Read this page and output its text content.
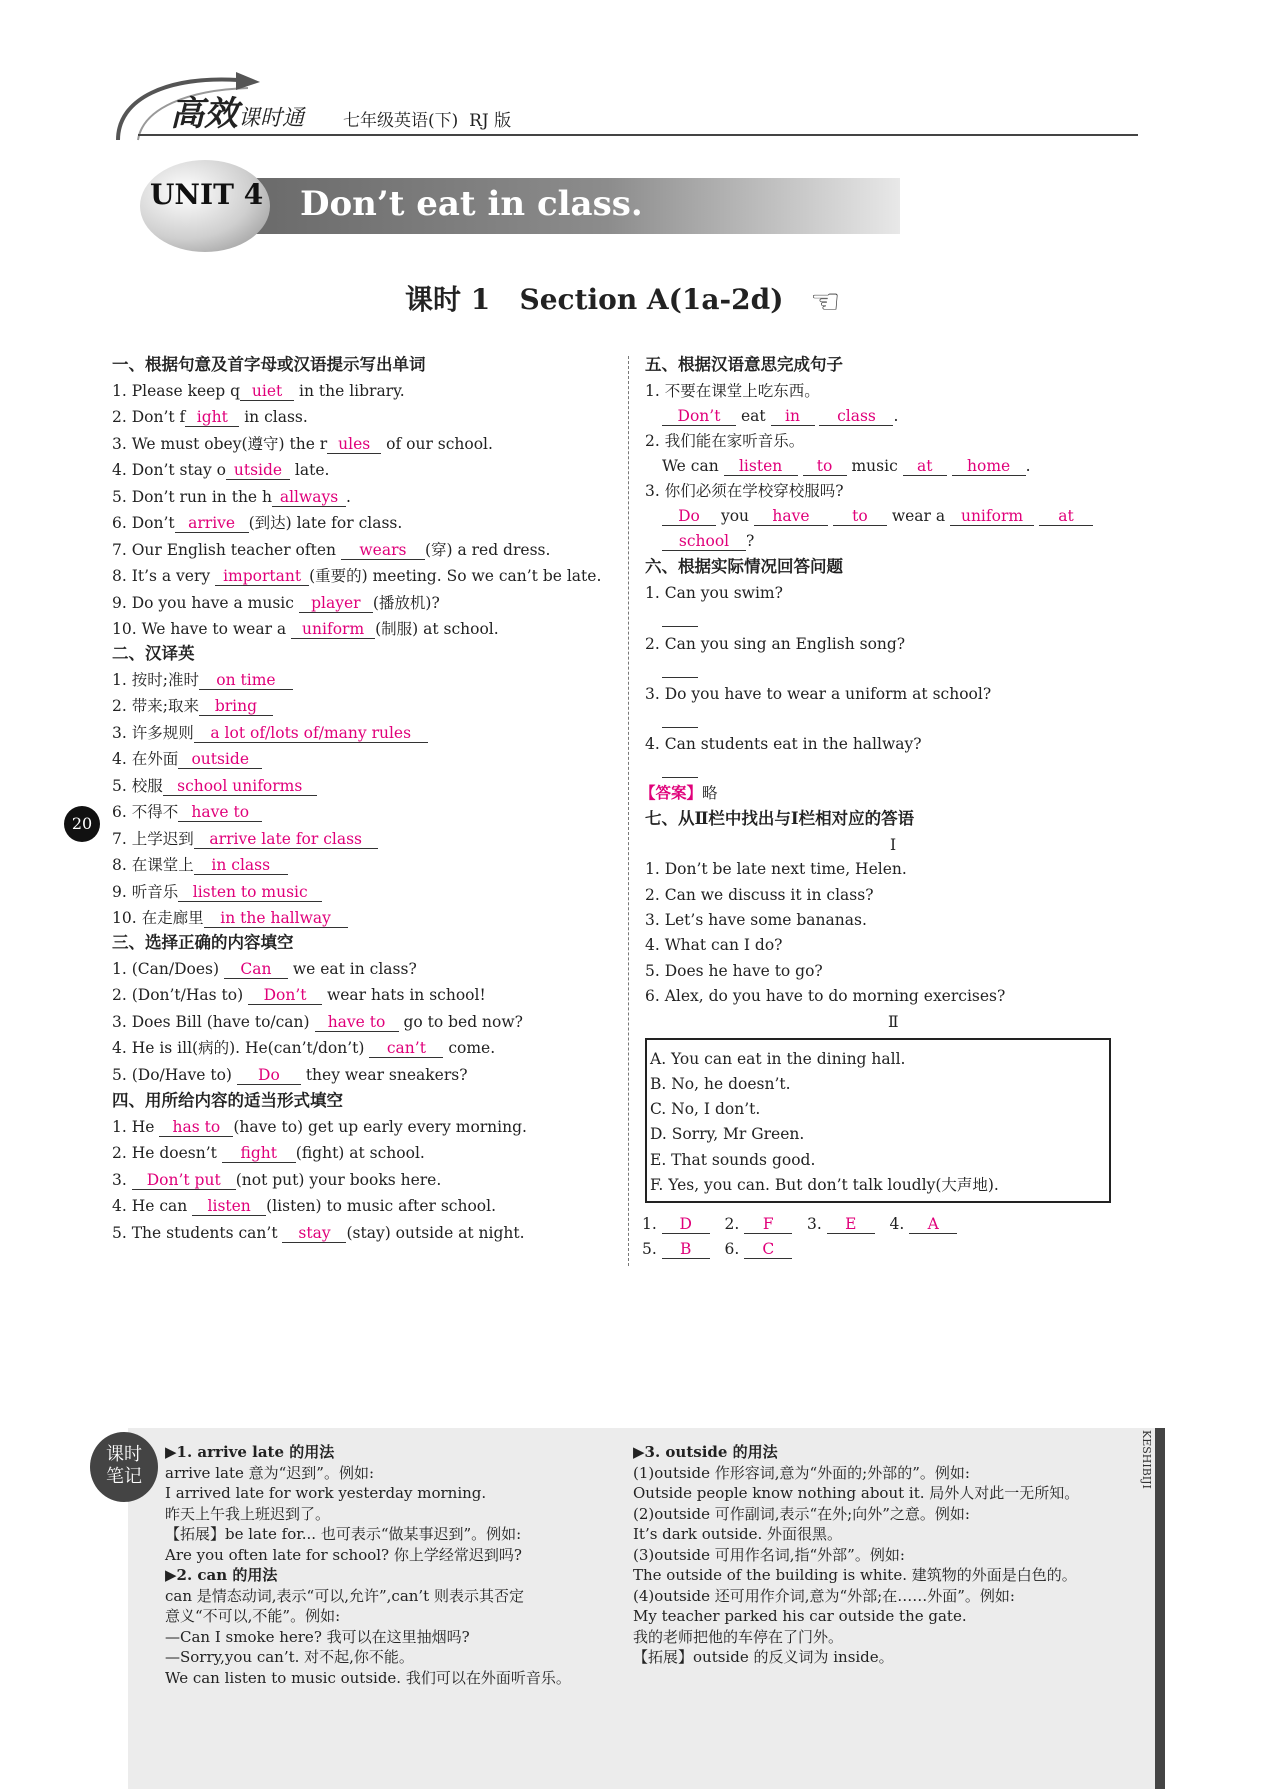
高效课时通 七年级英语(下) RJ 版
UNIT 4 Don’t eat in class.
课时 1 Section A(1a-2d) ☜
20
一、根据句意及首字母或汉语提示写出单词
1. Please keep q uiet in the library.
2. Don’t f ight in class.
3. We must obey(遵守) the r ules of our school.
4. Don’t stay o utside late.
5. Don’t run in the h allways .
6. Don’t arrive (到达) late for class.
7. Our English teacher often wears (穿) a red dress.
8. It’s a very important (重要的) meeting. So we can’t be late.
9. Do you have a music player (播放机)?
10. We have to wear a uniform (制服) at school.
二、汉译英
1. 按时;准时 on time
2. 带来;取来 bring
3. 许多规则 a lot of/lots of/many rules
4. 在外面 outside
5. 校服 school uniforms
6. 不得不 have to
7. 上学迟到 arrive late for class
8. 在课堂上 in class
9. 听音乐 listen to music
10. 在走廊里 in the hallway
三、选择正确的内容填空
1. (Can/Does) Can we eat in class?
2. (Don’t/Has to) Don’t wear hats in school!
3. Does Bill (have to/can) have to go to bed now?
4. He is ill(病的). He(can’t/don’t) can’t come.
5. (Do/Have to) Do they wear sneakers?
四、用所给内容的适当形式填空
1. He has to (have to) get up early every morning.
2. He doesn’t fight (fight) at school.
3. Don’t put (not put) your books here.
4. He can listen (listen) to music after school.
5. The students can’t stay (stay) outside at night.
五、根据汉语意思完成句子
1. 不要在课堂上吃东西。
Don’t eat in class .
2. 我们能在家听音乐。
We can listen to music at home .
3. 你们必须在学校穿校服吗?
Do you have	to wear a uniform at
school ?
六、根据实际情况回答问题
1. Can you swim?
2. Can you sing an English song?
3. Do you have to wear a uniform at school?
4. Can students eat in the hallway?
【答案】略
七、从Ⅱ栏中找出与Ⅰ栏相对应的答语
Ⅰ
1. Don’t be late next time, Helen.
2. Can we discuss it in class?
3. Let’s have some bananas.
4. What can I do?
5. Does he have to go?
6. Alex, do you have to do morning exercises?
Ⅱ
A. You can eat in the dining hall.
B. No, he doesn’t.
C. No, I don’t.
D. Sorry, Mr Green.
E. That sounds good.
F. Yes, you can. But don’t talk loudly(大声地).
1. D 2. F 3. E 4. A
5. B 6. C
课时
笔记	KESHIBIJI
▶1. arrive late 的用法
arrive late 意为“迟到”。例如:
I arrived late for work yesterday morning.
昨天上午我上班迟到了。
【拓展】be late for... 也可表示“做某事迟到”。例如:
Are you often late for school? 你上学经常迟到吗?
▶2. can 的用法
can 是情态动词,表示“可以,允许”,can’t 则表示其否定
意义“不可以,不能”。例如:
—Can I smoke here? 我可以在这里抽烟吗?
—Sorry,you can’t. 对不起,你不能。
We can listen to music outside. 我们可以在外面听音乐。
▶3. outside 的用法
(1)outside 作形容词,意为“外面的;外部的”。例如:
Outside people know nothing about it. 局外人对此一无所知。
(2)outside 可作副词,表示“在外;向外”之意。例如:
It’s dark outside. 外面很黑。
(3)outside 可用作名词,指“外部”。例如:
The outside of the building is white. 建筑物的外面是白色的。
(4)outside 还可用作介词,意为“外部;在……外面”。例如:
My teacher parked his car outside the gate.
我的老师把他的车停在了门外。
【拓展】outside 的反义词为 inside。
